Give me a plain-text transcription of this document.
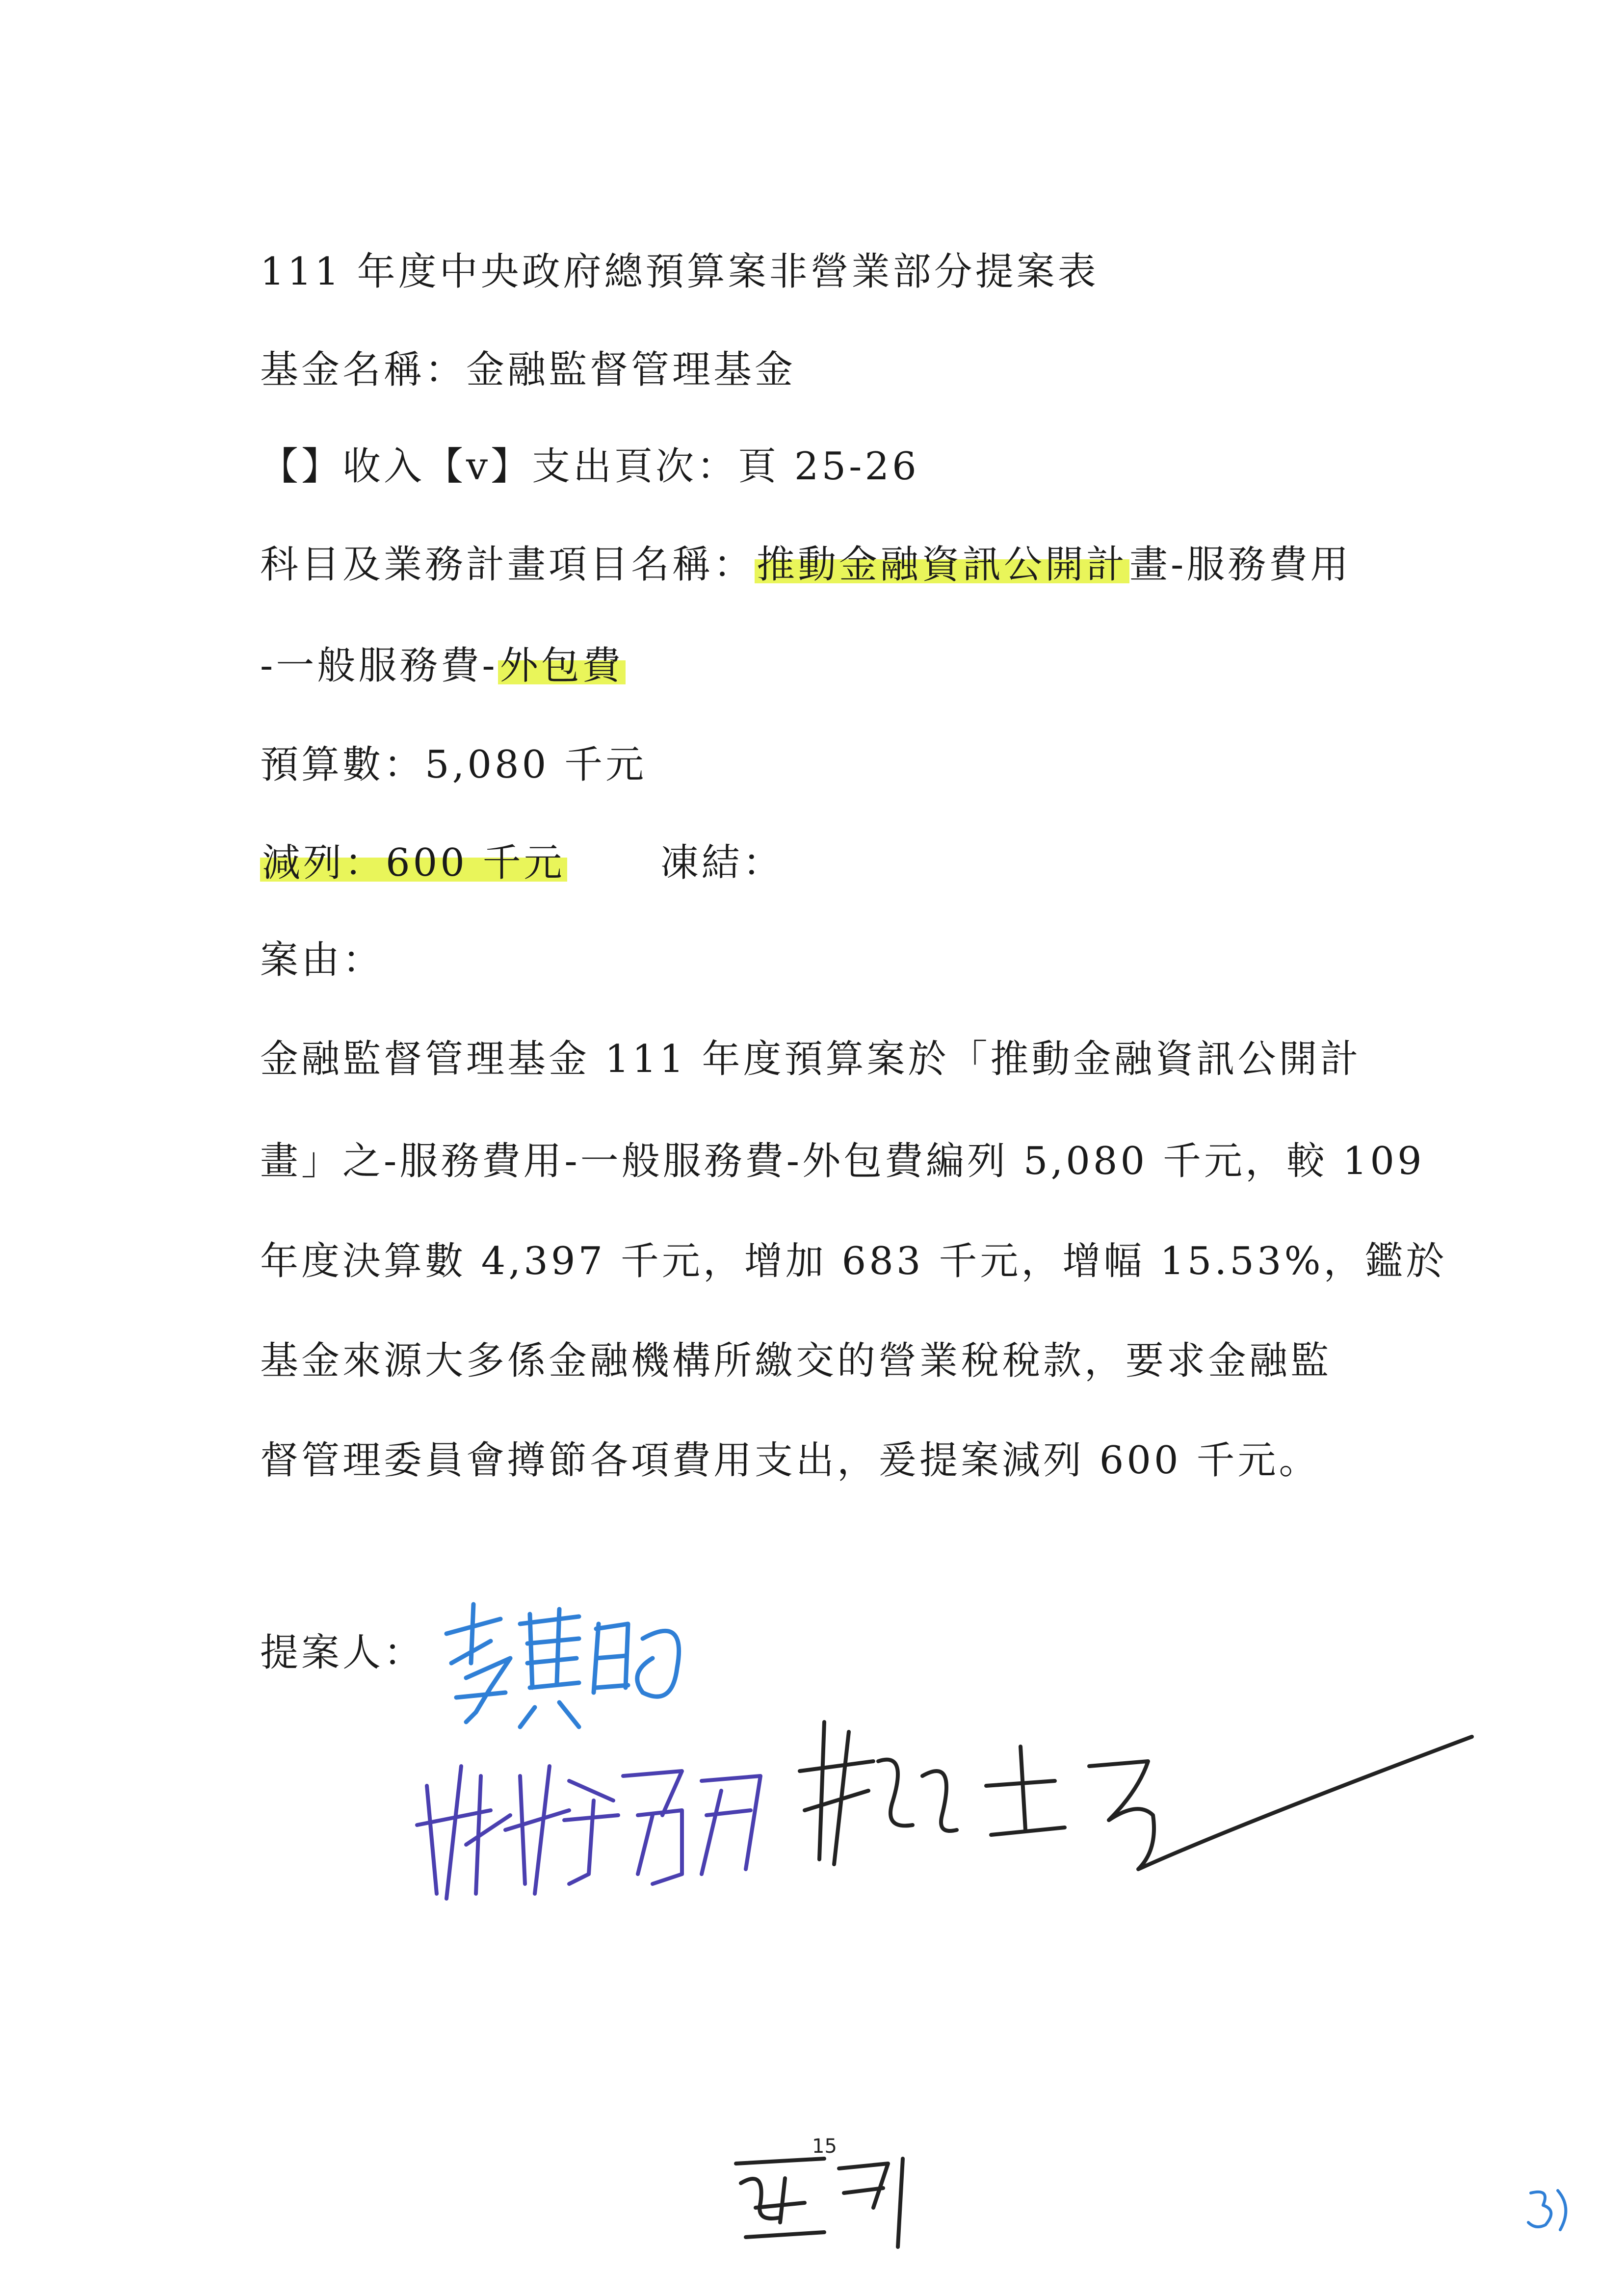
111 年度中央政府總預算案非營業部分提案表
基金名稱：金融監督管理基金
【】收入【v】支出頁次：頁 25-26
科目及業務計畫項目名稱：推動金融資訊公開計畫-服務費用
-一般服務費-外包費
預算數：5,080 千元
減列：600 千元 凍結：
案由：
金融監督管理基金 111 年度預算案於「推動金融資訊公開計
畫」之-服務費用-一般服務費-外包費編列 5,080 千元，較 109
年度決算數 4,397 千元，增加 683 千元，增幅 15.53%，鑑於
基金來源大多係金融機構所繳交的營業稅稅款，要求金融監
督管理委員會撙節各項費用支出，爰提案減列 600 千元。
提案人：
15
